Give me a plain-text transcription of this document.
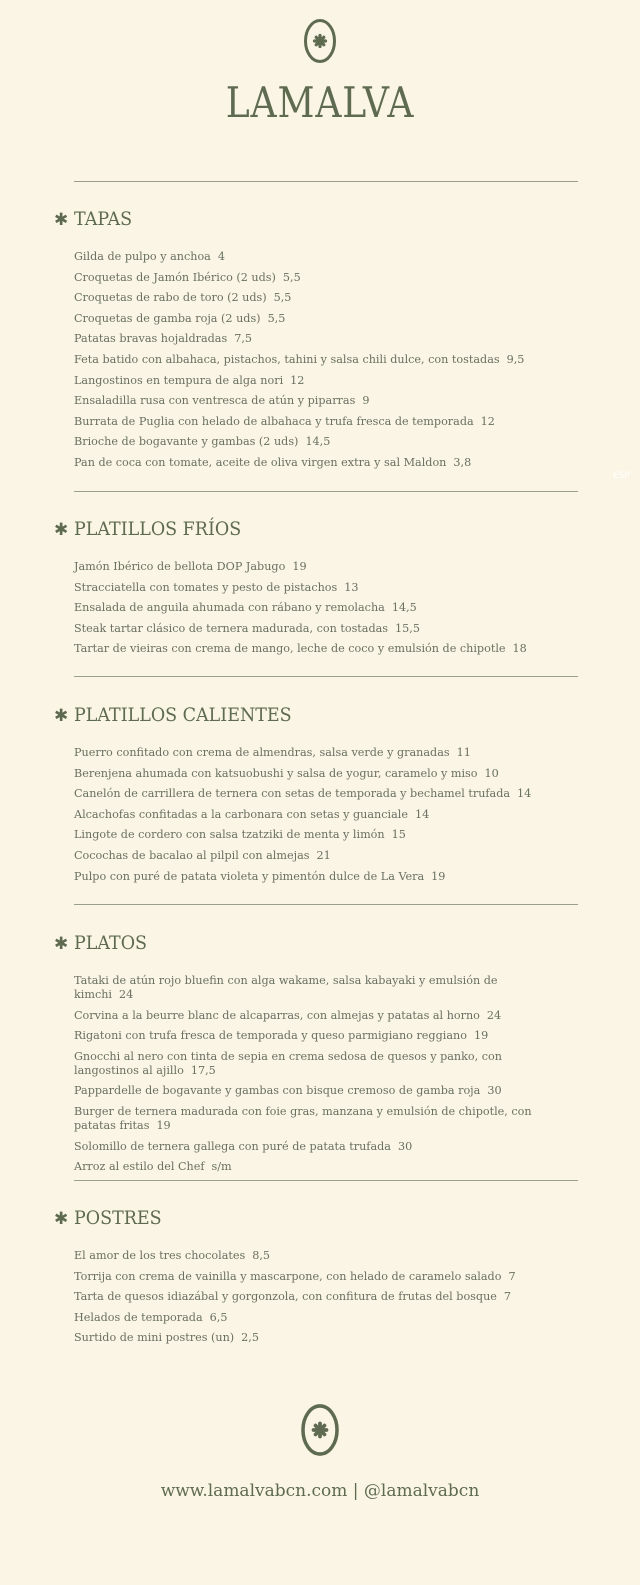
LAMALVA
✱ TAPAS
Gilda de pulpo y anchoa 4
Croquetas de Jamón Ibérico (2 uds) 5,5
Croquetas de rabo de toro (2 uds) 5,5
Croquetas de gamba roja (2 uds) 5,5
Patatas bravas hojaldradas 7,5
Feta batido con albahaca, pistachos, tahini y salsa chili dulce, con tostadas 9,5
Langostinos en tempura de alga nori 12
Ensaladilla rusa con ventresca de atún y piparras 9
Burrata de Puglia con helado de albahaca y trufa fresca de temporada 12
Brioche de bogavante y gambas (2 uds) 14,5
Pan de coca con tomate, aceite de oliva virgen extra y sal Maldon 3,8
ESP
✱ PLATILLOS FRÍOS
Jamón Ibérico de bellota DOP Jabugo 19
Stracciatella con tomates y pesto de pistachos 13
Ensalada de anguila ahumada con rábano y remolacha 14,5
Steak tartar clásico de ternera madurada, con tostadas 15,5
Tartar de vieiras con crema de mango, leche de coco y emulsión de chipotle 18
✱ PLATILLOS CALIENTES
Puerro confitado con crema de almendras, salsa verde y granadas 11
Berenjena ahumada con katsuobushi y salsa de yogur, caramelo y miso 10
Canelón de carrillera de ternera con setas de temporada y bechamel trufada 14
Alcachofas confitadas a la carbonara con setas y guanciale 14
Lingote de cordero con salsa tzatziki de menta y limón 15
Cocochas de bacalao al pilpil con almejas 21
Pulpo con puré de patata violeta y pimentón dulce de La Vera 19
✱ PLATOS
Tataki de atún rojo bluefin con alga wakame, salsa kabayaki y emulsión de kimchi 24
Corvina a la beurre blanc de alcaparras, con almejas y patatas al horno 24
Rigatoni con trufa fresca de temporada y queso parmigiano reggiano 19
Gnocchi al nero con tinta de sepia en crema sedosa de quesos y panko, con langostinos al ajillo 17,5
Pappardelle de bogavante y gambas con bisque cremoso de gamba roja 30
Burger de ternera madurada con foie gras, manzana y emulsión de chipotle, con patatas fritas 19
Solomillo de ternera gallega con puré de patata trufada 30
Arroz al estilo del Chef s/m
✱ POSTRES
El amor de los tres chocolates 8,5
Torrija con crema de vainilla y mascarpone, con helado de caramelo salado 7
Tarta de quesos idiazábal y gorgonzola, con confitura de frutas del bosque 7
Helados de temporada 6,5
Surtido de mini postres (un) 2,5
www.lamalvabcn.com | @lamalvabcn
